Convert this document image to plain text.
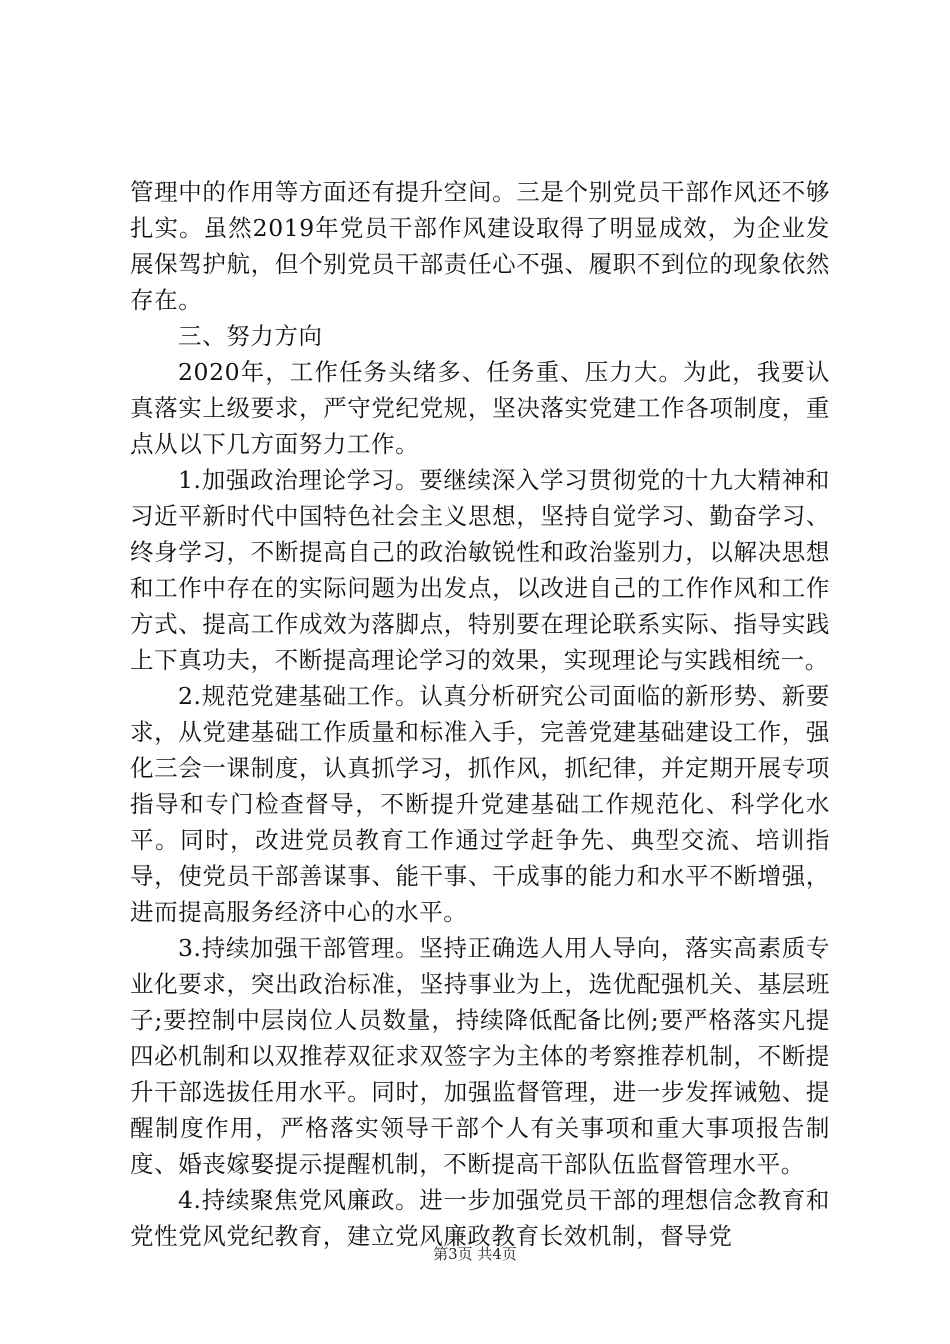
管理中的作用等方面还有提升空间。三是个别党员干部作风还不够扎实。虽然2019年党员干部作风建设取得了明显成效，为企业发展保驾护航，但个别党员干部责任心不强、履职不到位的现象依然存在。

三、努力方向

2020年，工作任务头绪多、任务重、压力大。为此，我要认真落实上级要求，严守党纪党规，坚决落实党建工作各项制度，重点从以下几方面努力工作。

1.加强政治理论学习。要继续深入学习贯彻党的十九大精神和习近平新时代中国特色社会主义思想，坚持自觉学习、勤奋学习、终身学习，不断提高自己的政治敏锐性和政治鉴别力，以解决思想和工作中存在的实际问题为出发点，以改进自己的工作作风和工作方式、提高工作成效为落脚点，特别要在理论联系实际、指导实践上下真功夫，不断提高理论学习的效果，实现理论与实践相统一。

2.规范党建基础工作。认真分析研究公司面临的新形势、新要求，从党建基础工作质量和标准入手，完善党建基础建设工作，强化三会一课制度，认真抓学习，抓作风，抓纪律，并定期开展专项指导和专门检查督导，不断提升党建基础工作规范化、科学化水平。同时，改进党员教育工作通过学赶争先、典型交流、培训指导，使党员干部善谋事、能干事、干成事的能力和水平不断增强，进而提高服务经济中心的水平。

3.持续加强干部管理。坚持正确选人用人导向，落实高素质专业化要求，突出政治标准，坚持事业为上，选优配强机关、基层班子;要控制中层岗位人员数量，持续降低配备比例;要严格落实凡提四必机制和以双推荐双征求双签字为主体的考察推荐机制，不断提升干部选拔任用水平。同时，加强监督管理，进一步发挥诫勉、提醒制度作用，严格落实领导干部个人有关事项和重大事项报告制度、婚丧嫁娶提示提醒机制，不断提高干部队伍监督管理水平。

4.持续聚焦党风廉政。进一步加强党员干部的理想信念教育和党性党风党纪教育，建立党风廉政教育长效机制，督导党

第3页 共4页
